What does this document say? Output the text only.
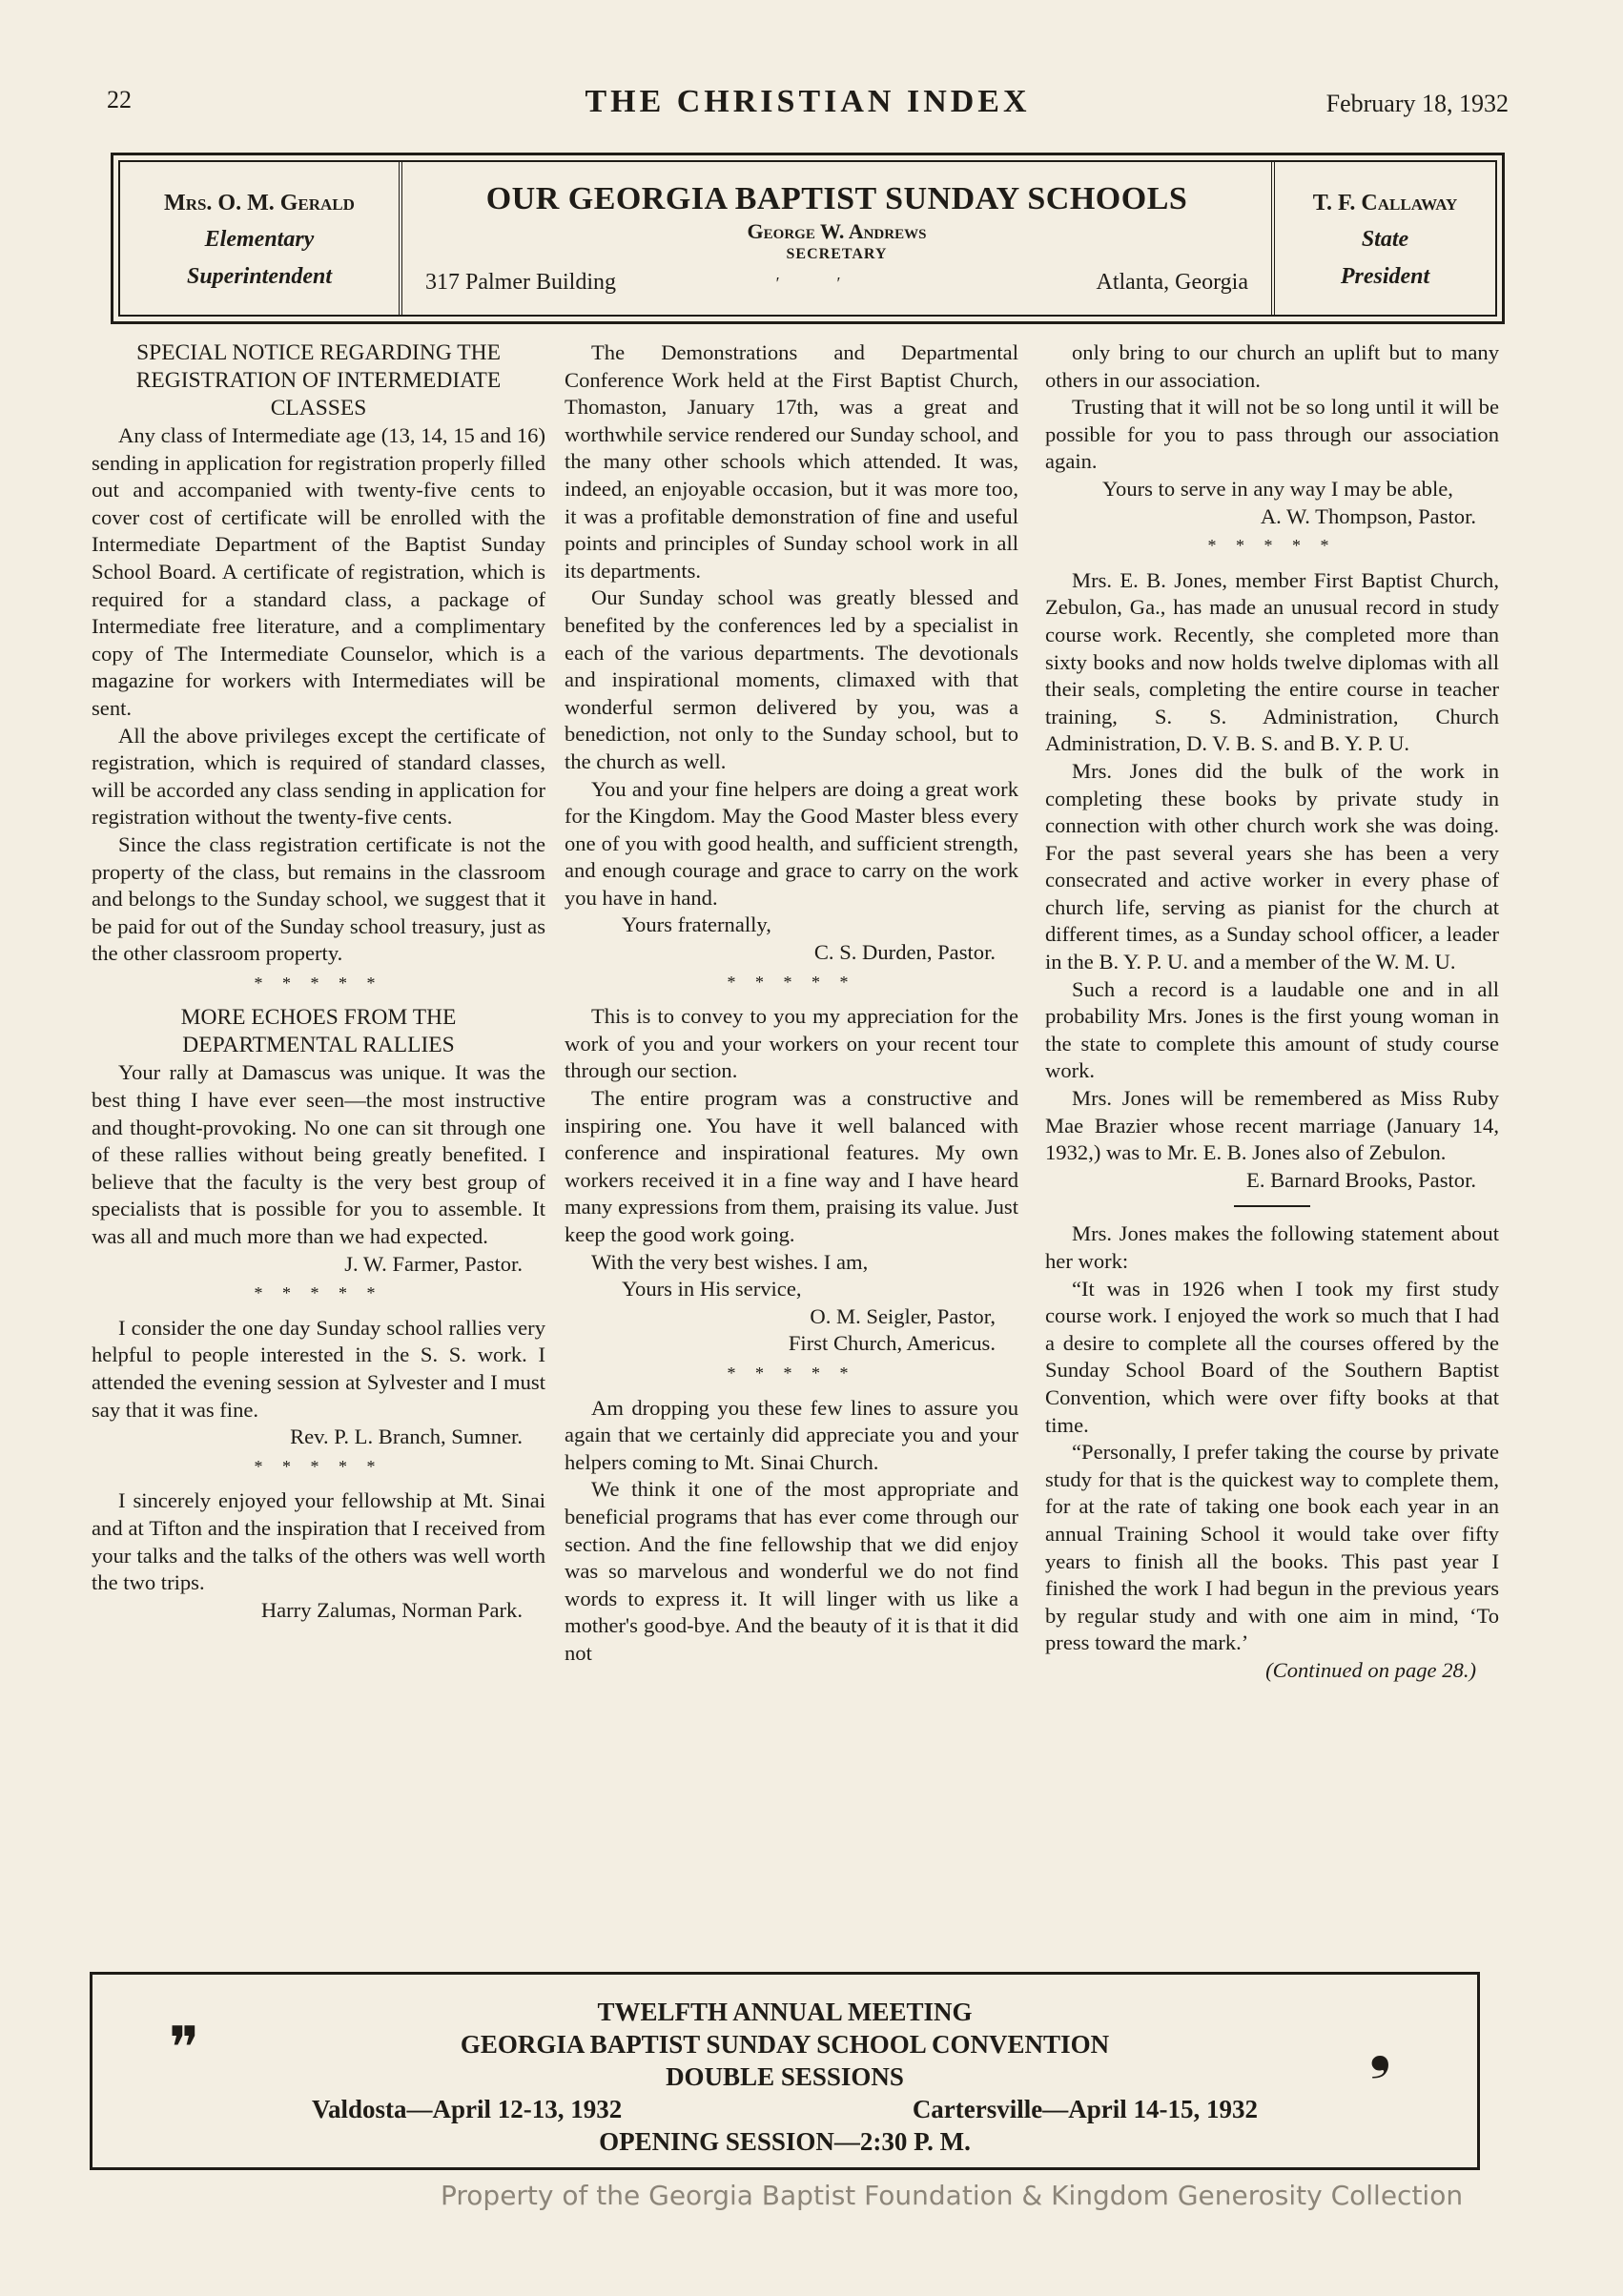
22	THE CHRISTIAN INDEX	February 18, 1932
Mrs. O. M. Gerald
Elementary
Superintendent
OUR GEORGIA BAPTIST SUNDAY SCHOOLS
George W. Andrews
SECRETARY
′′
317 Palmer Building	Atlanta, Georgia
T. F. Callaway
State
President

SPECIAL NOTICE REGARDING THE REGISTRATION OF INTERMEDIATE CLASSES

Any class of Intermediate age (13, 14, 15 and 16) sending in application for registration properly filled out and accompanied with twenty-five cents to cover cost of certificate will be enrolled with the Intermediate Department of the Baptist Sunday School Board. A certificate of registration, which is required for a standard class, a package of Intermediate free literature, and a complimentary copy of The Intermediate Counselor, which is a magazine for workers with Intermediates will be sent.

All the above privileges except the certificate of registration, which is required of standard classes, will be accorded any class sending in application for registration without the twenty-five cents.

Since the class registration certificate is not the property of the class, but remains in the classroom and belongs to the Sunday school, we suggest that it be paid for out of the Sunday school treasury, just as the other classroom property.

* * * * *

MORE ECHOES FROM THE DEPARTMENTAL RALLIES

Your rally at Damascus was unique. It was the best thing I have ever seen—the most instructive and thought-provoking. No one can sit through one of these rallies without being greatly benefited. I believe that the faculty is the very best group of specialists that is possible for you to assemble. It was all and much more than we had expected.

J. W. Farmer, Pastor.

* * * * *

I consider the one day Sunday school rallies very helpful to people interested in the S. S. work. I attended the evening session at Sylvester and I must say that it was fine.

Rev. P. L. Branch, Sumner.

* * * * *

I sincerely enjoyed your fellowship at Mt. Sinai and at Tifton and the inspiration that I received from your talks and the talks of the others was well worth the two trips.

Harry Zalumas, Norman Park.

The Demonstrations and Departmental Conference Work held at the First Baptist Church, Thomaston, January 17th, was a great and worthwhile service rendered our Sunday school, and the many other schools which attended. It was, indeed, an enjoyable occasion, but it was more too, it was a profitable demonstration of fine and useful points and principles of Sunday school work in all its departments.

Our Sunday school was greatly blessed and benefited by the conferences led by a specialist in each of the various departments. The devotionals and inspirational moments, climaxed with that wonderful sermon delivered by you, was a benediction, not only to the Sunday school, but to the church as well.

You and your fine helpers are doing a great work for the Kingdom. May the Good Master bless every one of you with good health, and sufficient strength, and enough courage and grace to carry on the work you have in hand.

Yours fraternally,

C. S. Durden, Pastor.

* * * * *

This is to convey to you my appreciation for the work of you and your workers on your recent tour through our section.

The entire program was a constructive and inspiring one. You have it well balanced with conference and inspirational features. My own workers received it in a fine way and I have heard many expressions from them, praising its value. Just keep the good work going.

With the very best wishes. I am,

Yours in His service,

O. M. Seigler, Pastor,

First Church, Americus.

* * * * *

Am dropping you these few lines to assure you again that we certainly did appreciate you and your helpers coming to Mt. Sinai Church.

We think it one of the most appropriate and beneficial programs that has ever come through our section. And the fine fellowship that we did enjoy was so marvelous and wonderful we do not find words to express it. It will linger with us like a mother's good-bye. And the beauty of it is that it did not

only bring to our church an uplift but to many others in our association.

Trusting that it will not be so long until it will be possible for you to pass through our association again.

Yours to serve in any way I may be able,

A. W. Thompson, Pastor.

* * * * *

Mrs. E. B. Jones, member First Baptist Church, Zebulon, Ga., has made an unusual record in study course work. Recently, she completed more than sixty books and now holds twelve diplomas with all their seals, completing the entire course in teacher training, S. S. Administration, Church Administration, D. V. B. S. and B. Y. P. U.

Mrs. Jones did the bulk of the work in completing these books by private study in connection with other church work she was doing. For the past several years she has been a very consecrated and active worker in every phase of church life, serving as pianist for the church at different times, as a Sunday school officer, a leader in the B. Y. P. U. and a member of the W. M. U.

Such a record is a laudable one and in all probability Mrs. Jones is the first young woman in the state to complete this amount of study course work.

Mrs. Jones will be remembered as Miss Ruby Mae Brazier whose recent marriage (January 14, 1932,) was to Mr. E. B. Jones also of Zebulon.

E. Barnard Brooks, Pastor.

Mrs. Jones makes the following statement about her work:

“It was in 1926 when I took my first study course work. I enjoyed the work so much that I had a desire to complete all the courses offered by the Sunday School Board of the Southern Baptist Convention, which were over fifty books at that time.

“Personally, I prefer taking the course by private study for that is the quickest way to complete them, for at the rate of taking one book each year in an annual Training School it would take over fifty years to finish all the books. This past year I finished the work I had begun in the previous years by regular study and with one aim in mind, ‘To press toward the mark.’

(Continued on page 28.)

❞	❟
TWELFTH ANNUAL MEETING
GEORGIA BAPTIST SUNDAY SCHOOL CONVENTION
DOUBLE SESSIONS
Valdosta—April 12-13, 1932	Cartersville—April 14-15, 1932
OPENING SESSION—2:30 P. M.
Property of the Georgia Baptist Foundation & Kingdom Generosity Collection
